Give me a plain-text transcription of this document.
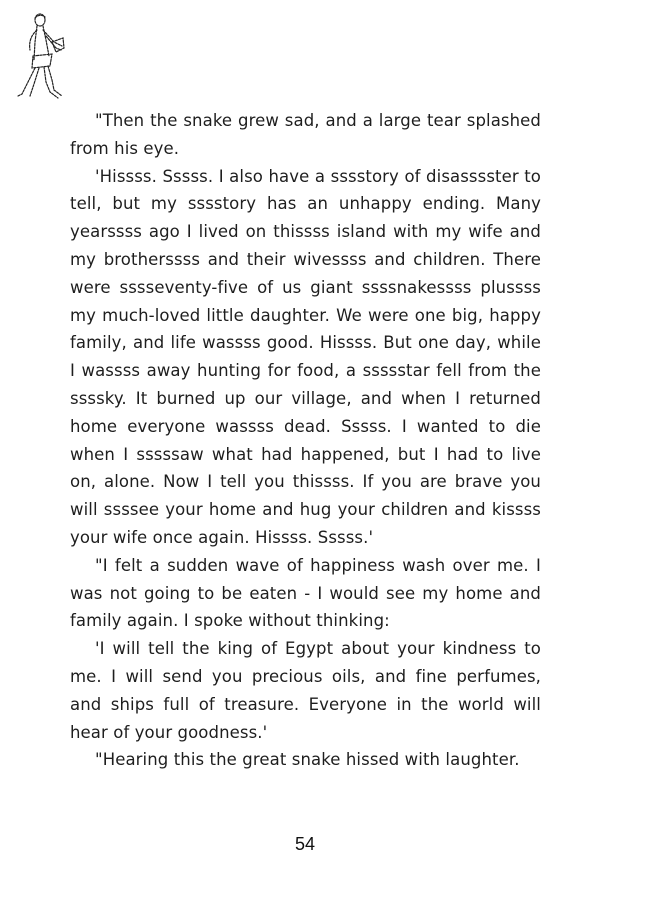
"Then the snake grew sad, and a large tear splashed from his eye.

'Hissss. Sssss. I also have a sssstory of disasssster to tell, but my sssstory has an unhappy ending. Many yearssss ago I lived on thissss island with my wife and my brotherssss and their wivessss and children. There were sssseventy-five of us giant ssssnakessss plussss my much-loved little daughter. We were one big, happy family, and life wassss good. Hissss. But one day, while I wassss away hunting for food, a ssssstar fell from the ssssky. It burned up our village, and when I returned home everyone wassss dead. Sssss. I wanted to die when I sssssaw what had happened, but I had to live on, alone. Now I tell you thissss. If you are brave you will ssssee your home and hug your children and kissss your wife once again. Hissss. Sssss.'

"I felt a sudden wave of happiness wash over me. I was not going to be eaten - I would see my home and family again. I spoke without thinking:

'I will tell the king of Egypt about your kindness to me. I will send you precious oils, and fine perfumes, and ships full of treasure. Everyone in the world will hear of your goodness.'

"Hearing this the great snake hissed with laughter.

54
